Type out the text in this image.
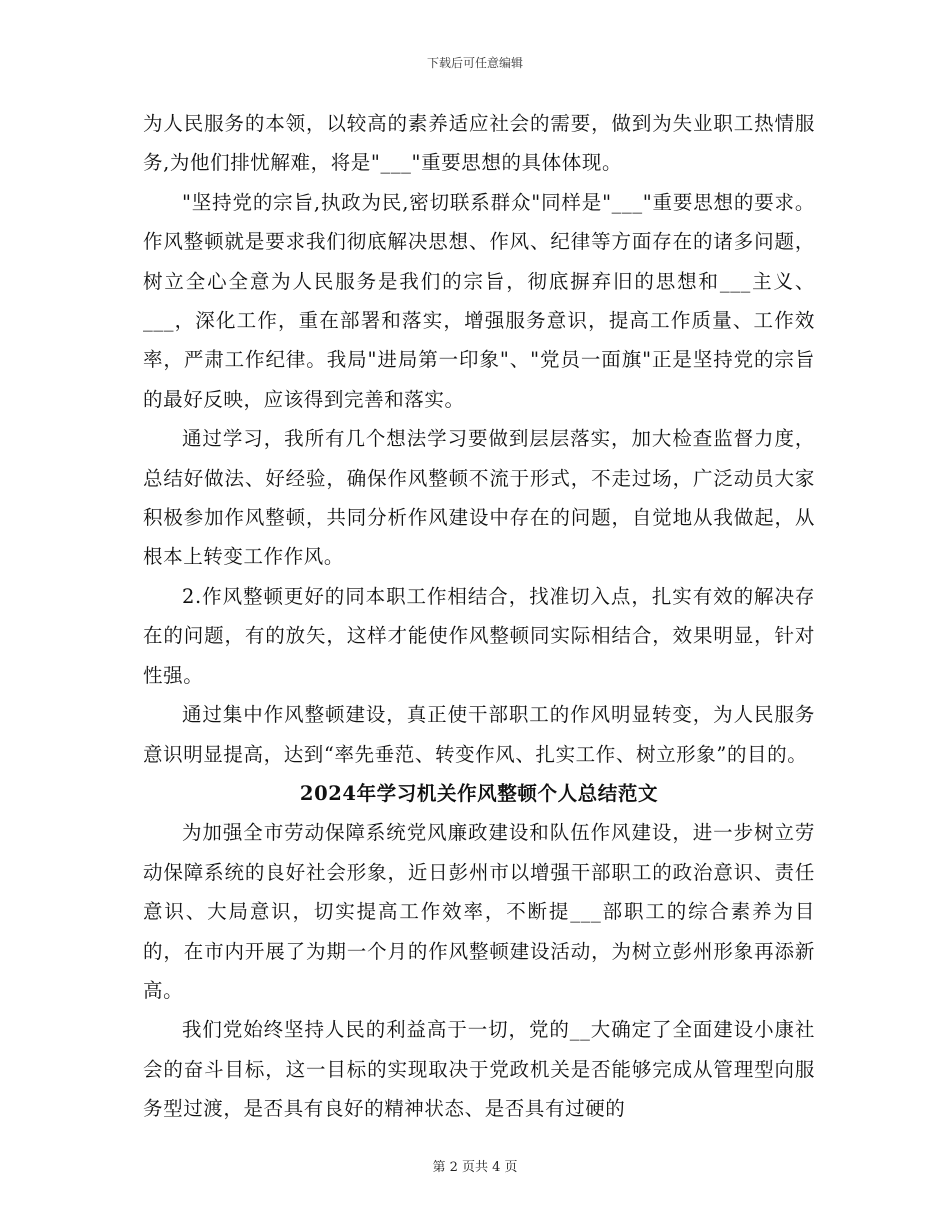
下载后可任意编辑

为人民服务的本领，以较高的素养适应社会的需要，做到为失业职工热情服务,为他们排忧解难，将是"___"重要思想的具体体现。

"坚持党的宗旨,执政为民,密切联系群众"同样是"___"重要思想的要求。作风整顿就是要求我们彻底解决思想、作风、纪律等方面存在的诸多问题，树立全心全意为人民服务是我们的宗旨，彻底摒弃旧的思想和___主义、___，深化工作，重在部署和落实，增强服务意识，提高工作质量、工作效率，严肃工作纪律。我局"进局第一印象"、"党员一面旗"正是坚持党的宗旨的最好反映，应该得到完善和落实。

通过学习，我所有几个想法学习要做到层层落实，加大检查监督力度，总结好做法、好经验，确保作风整顿不流于形式，不走过场，广泛动员大家积极参加作风整顿，共同分析作风建设中存在的问题，自觉地从我做起，从根本上转变工作作风。

2.作风整顿更好的同本职工作相结合，找准切入点，扎实有效的解决存在的问题，有的放矢，这样才能使作风整顿同实际相结合，效果明显，针对性强。

通过集中作风整顿建设，真正使干部职工的作风明显转变，为人民服务意识明显提高，达到“率先垂范、转变作风、扎实工作、树立形象”的目的。

2024年学习机关作风整顿个人总结范文

为加强全市劳动保障系统党风廉政建设和队伍作风建设，进一步树立劳动保障系统的良好社会形象，近日彭州市以增强干部职工的政治意识、责任意识、大局意识，切实提高工作效率，不断提___部职工的综合素养为目的，在市内开展了为期一个月的作风整顿建设活动，为树立彭州形象再添新高。

我们党始终坚持人民的利益高于一切，党的__大确定了全面建设小康社会的奋斗目标，这一目标的实现取决于党政机关是否能够完成从管理型向服务型过渡，是否具有良好的精神状态、是否具有过硬的

第 2 页共 4 页
